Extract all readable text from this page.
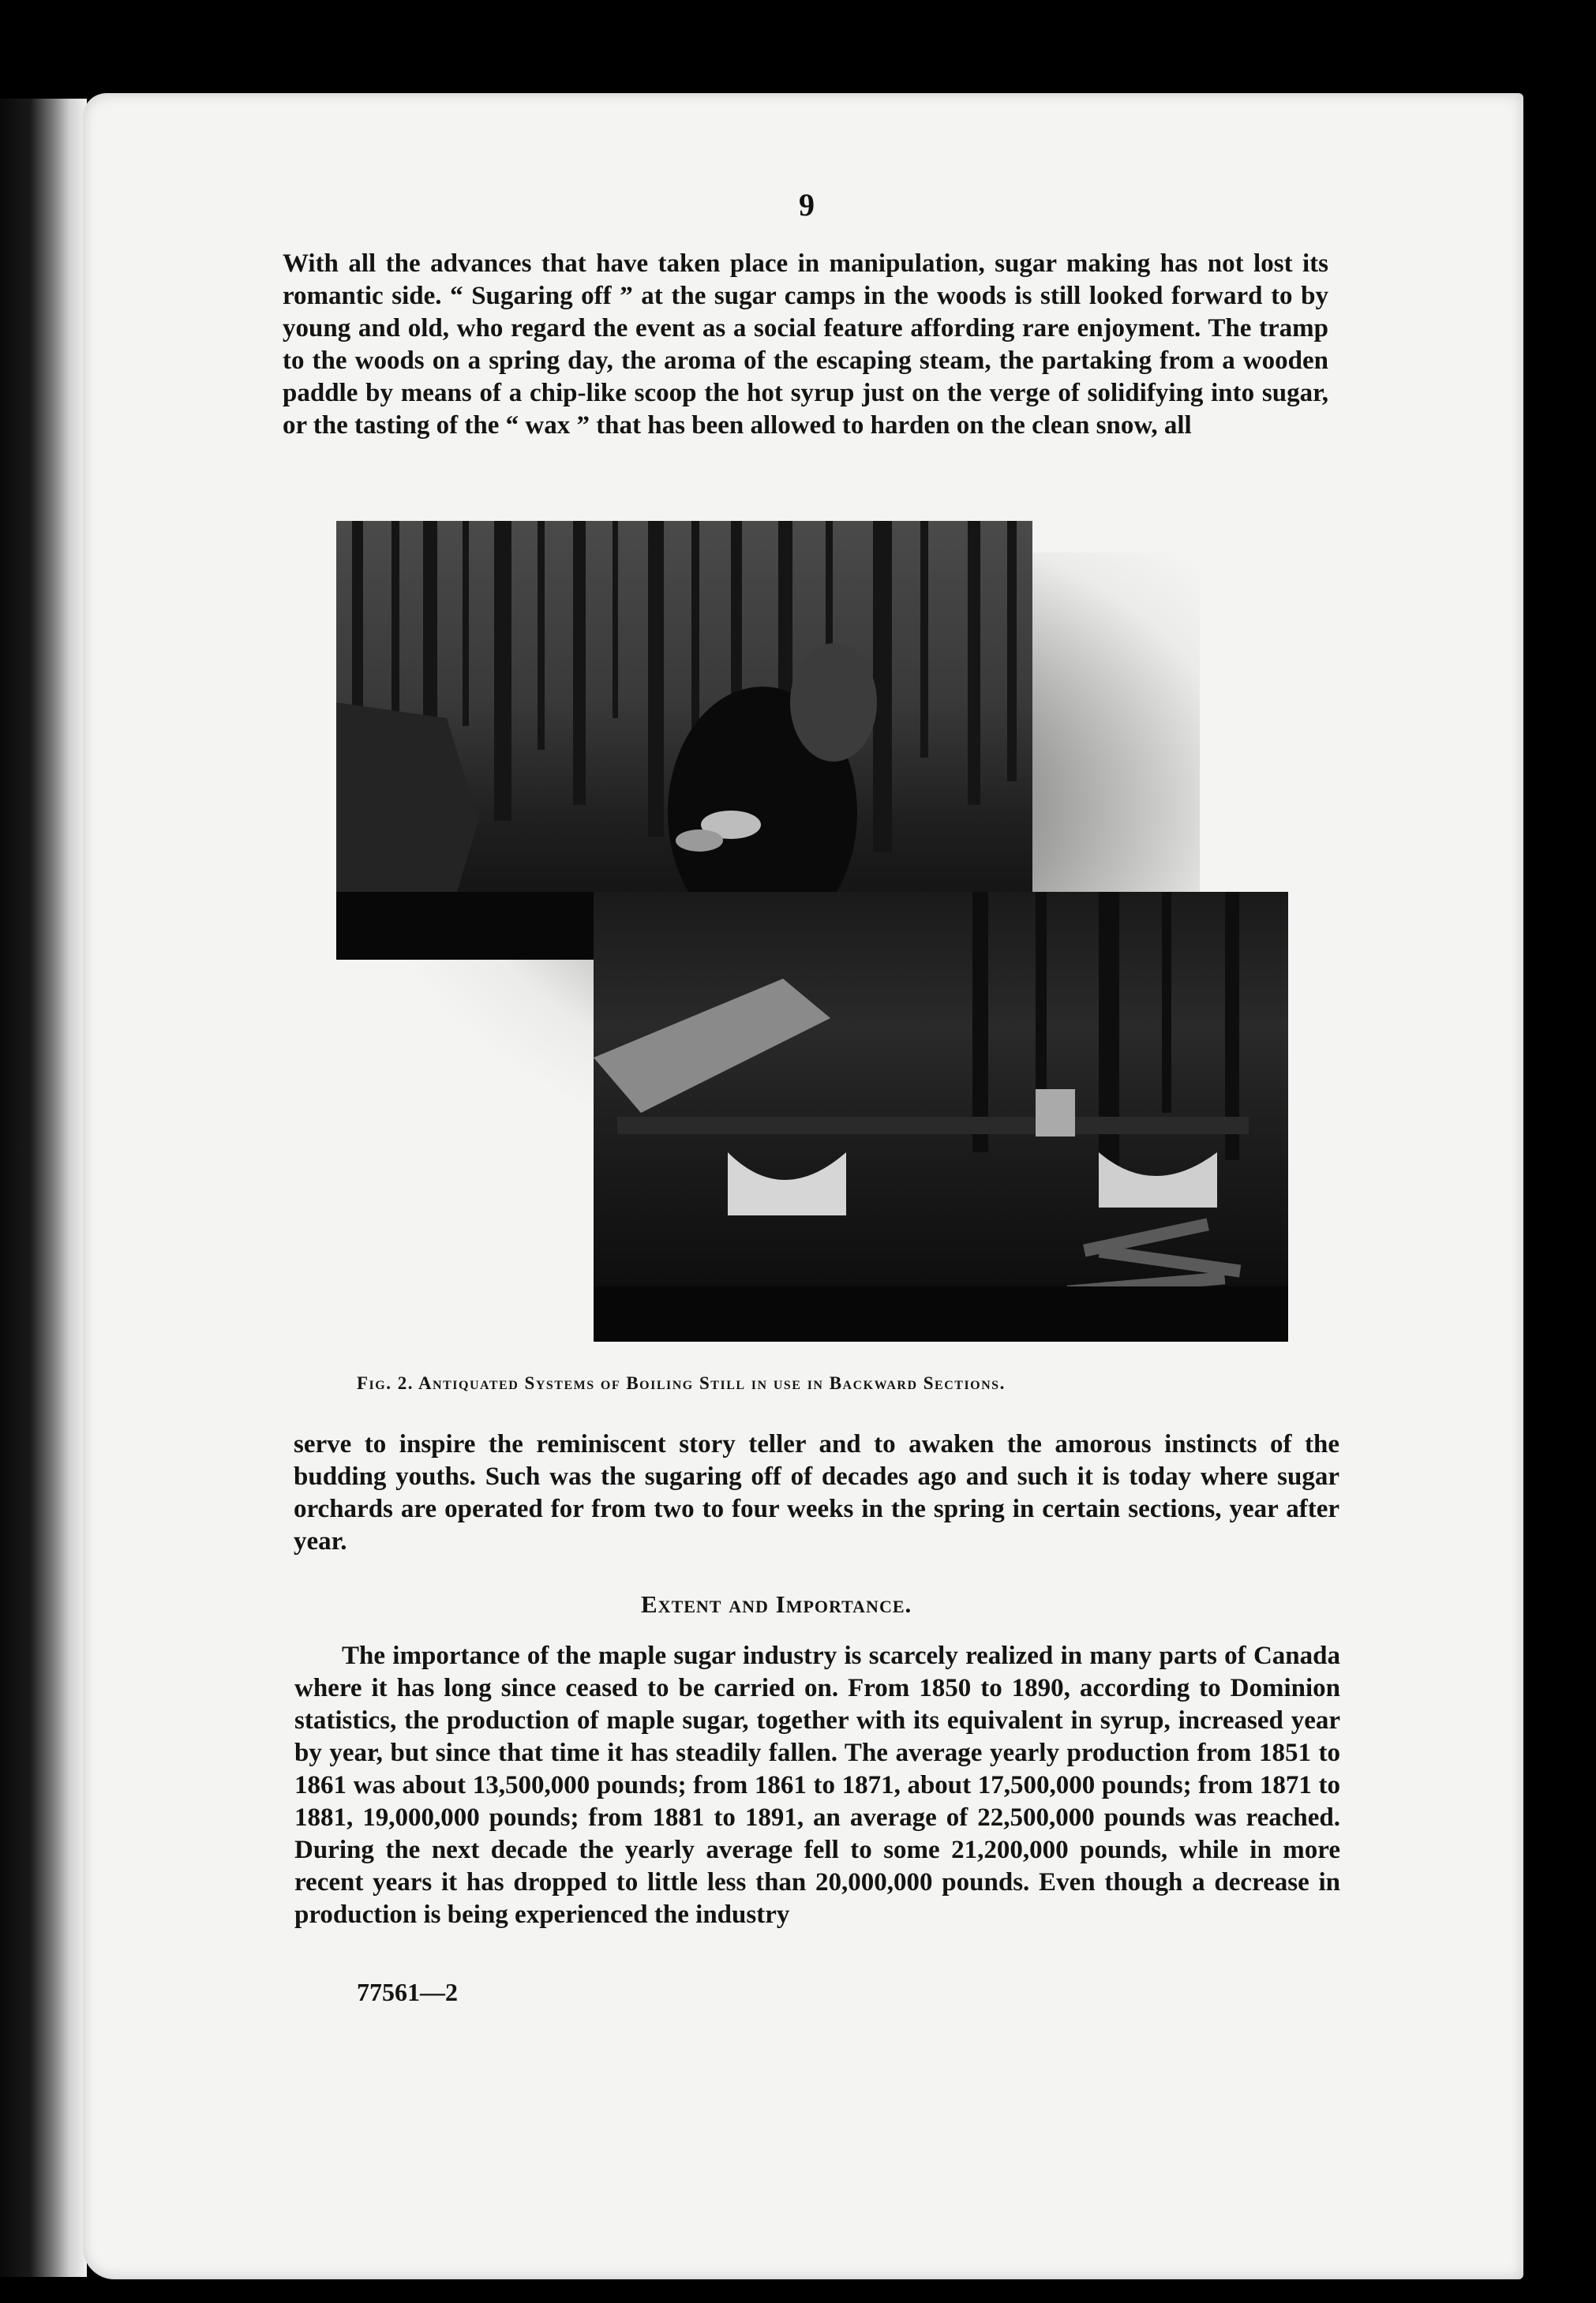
9

With all the advances that have taken place in manipulation, sugar making has not lost its romantic side. “ Sugaring off ” at the sugar camps in the woods is still looked forward to by young and old, who regard the event as a social feature affording rare enjoyment. The tramp to the woods on a spring day, the aroma of the escaping steam, the partaking from a wooden paddle by means of a chip-like scoop the hot syrup just on the verge of solidifying into sugar, or the tasting of the “ wax ” that has been allowed to harden on the clean snow, all

Fig. 2. Antiquated Systems of Boiling Still in use in Backward Sections.

serve to inspire the reminiscent story teller and to awaken the amorous instincts of the budding youths. Such was the sugaring off of decades ago and such it is today where sugar orchards are operated for from two to four weeks in the spring in certain sections, year after year.

Extent and Importance.

The importance of the maple sugar industry is scarcely realized in many parts of Canada where it has long since ceased to be carried on. From 1850 to 1890, according to Dominion statistics, the production of maple sugar, together with its equivalent in syrup, increased year by year, but since that time it has steadily fallen. The average yearly production from 1851 to 1861 was about 13,500,000 pounds; from 1861 to 1871, about 17,500,000 pounds; from 1871 to 1881, 19,000,000 pounds; from 1881 to 1891, an average of 22,500,000 pounds was reached. During the next decade the yearly average fell to some 21,200,000 pounds, while in more recent years it has dropped to little less than 20,000,000 pounds. Even though a decrease in production is being experienced the industry

77561—2
